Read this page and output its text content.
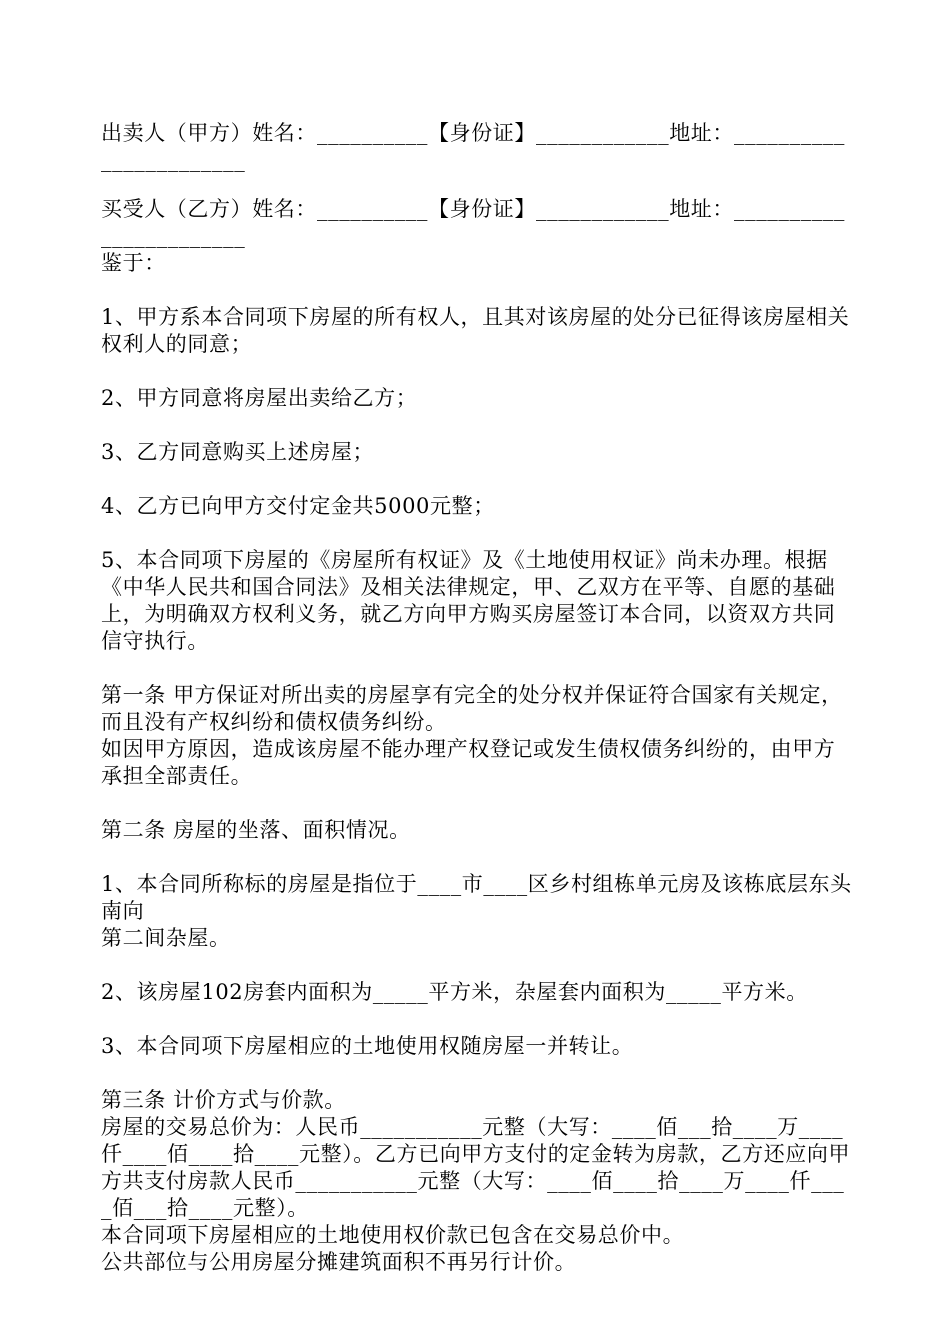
出卖人（甲方）姓名：__________【身份证】____________地址：_______________________

买受人（乙方）姓名：__________【身份证】____________地址：_______________________

鉴于：

1、甲方系本合同项下房屋的所有权人，且其对该房屋的处分已征得该房屋相关权利人的同意；

2、甲方同意将房屋出卖给乙方；

3、乙方同意购买上述房屋；

4、乙方已向甲方交付定金共5000元整；

5、本合同项下房屋的《房屋所有权证》及《土地使用权证》尚未办理。根据《中华人民共和国合同法》及相关法律规定，甲、乙双方在平等、自愿的基础上，为明确双方权利义务，就乙方向甲方购买房屋签订本合同，以资双方共同信守执行。

第一条 甲方保证对所出卖的房屋享有完全的处分权并保证符合国家有关规定，而且没有产权纠纷和债权债务纠纷。

如因甲方原因，造成该房屋不能办理产权登记或发生债权债务纠纷的，由甲方承担全部责任。

第二条 房屋的坐落、面积情况。

1、本合同所称标的房屋是指位于____市____区乡村组栋单元房及该栋底层东头南向

第二间杂屋。

2、该房屋102房套内面积为_____平方米，杂屋套内面积为_____平方米。

3、本合同项下房屋相应的土地使用权随房屋一并转让。

第三条 计价方式与价款。

房屋的交易总价为：人民币___________元整（大写：____佰___拾____万____仟____佰____拾____元整）。乙方已向甲方支付的定金转为房款，乙方还应向甲方共支付房款人民币___________元整（大写：____佰____拾____万____仟____佰___拾____元整）。

本合同项下房屋相应的土地使用权价款已包含在交易总价中。

公共部位与公用房屋分摊建筑面积不再另行计价。
